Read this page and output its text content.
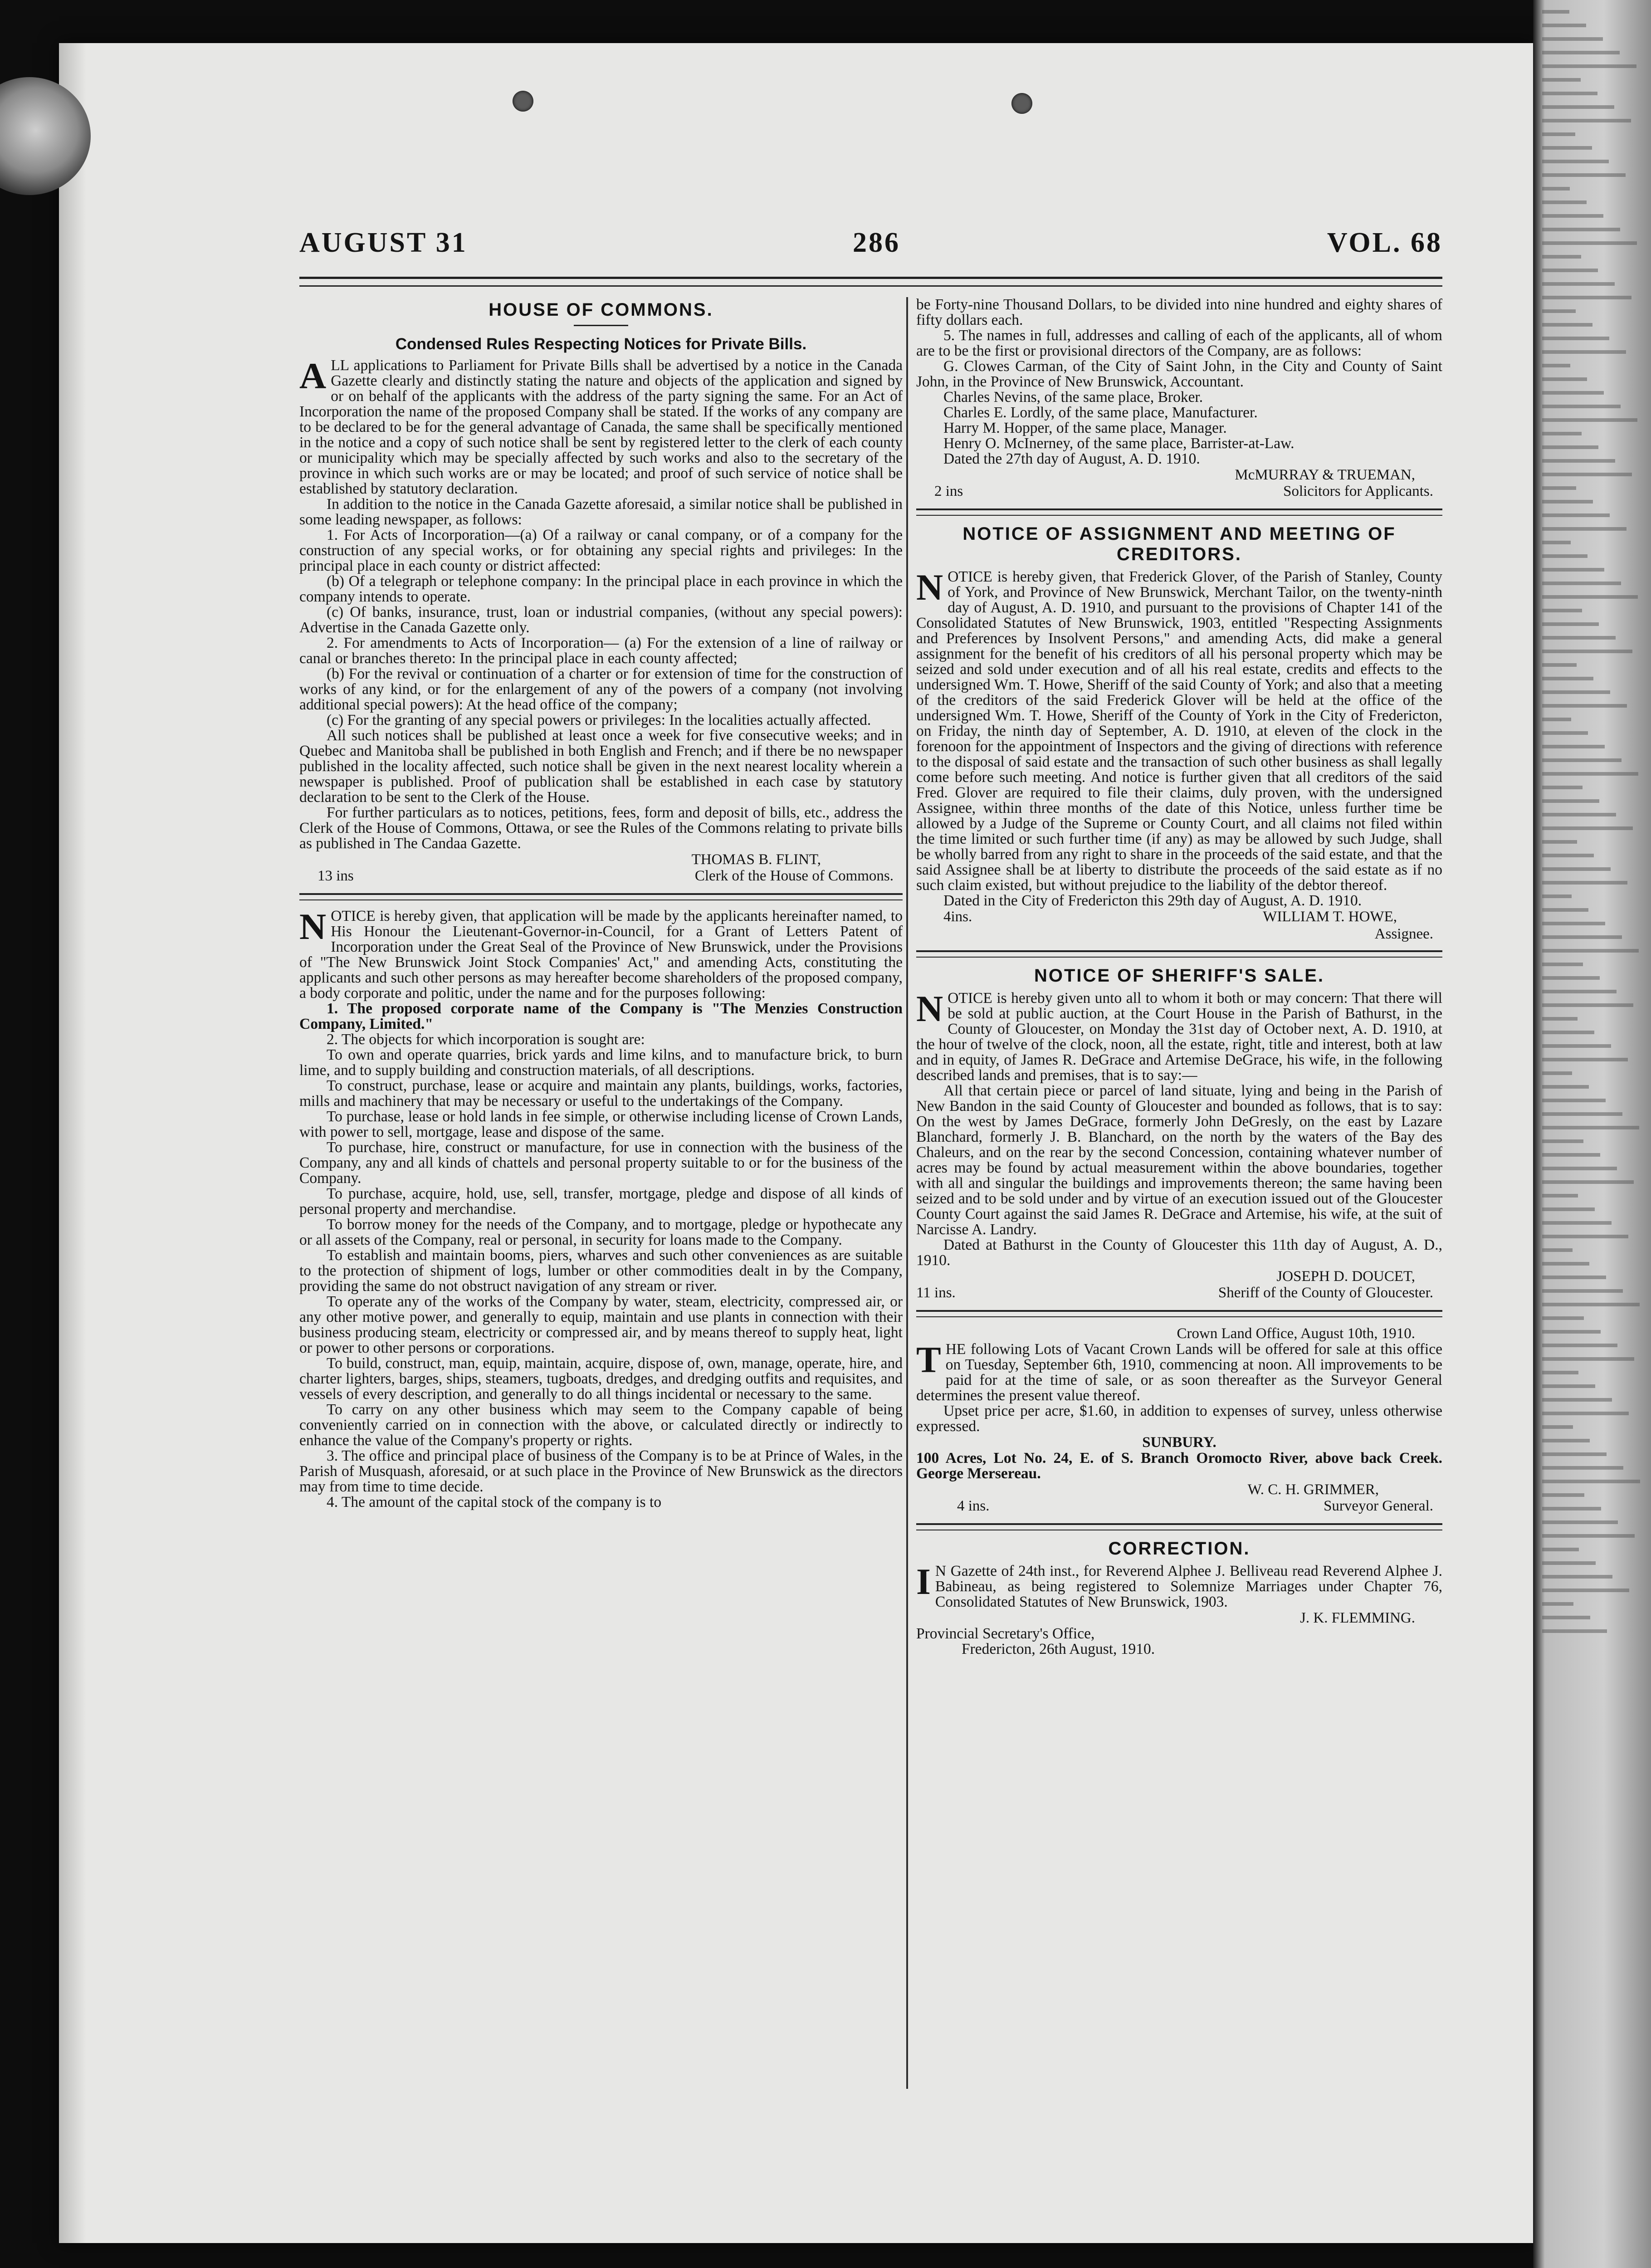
AUGUST 31	286	VOL. 68
HOUSE OF COMMONS.
Condensed Rules Respecting Notices for Private Bills.
A LL applications to Parliament for Private Bills shall be advertised by a notice in the Canada Gazette clearly and distinctly stating the nature and objects of the application and signed by or on behalf of the applicants with the address of the party signing the same. For an Act of Incorporation the name of the proposed Company shall be stated. If the works of any company are to be declared to be for the general advantage of Canada, the same shall be specifically mentioned in the notice and a copy of such notice shall be sent by registered letter to the clerk of each county or municipality which may be specially affected by such works and also to the secretary of the province in which such works are or may be located; and proof of such service of notice shall be established by statutory declaration.

In addition to the notice in the Canada Gazette aforesaid, a similar notice shall be published in some leading newspaper, as follows:

1. For Acts of Incorporation—(a) Of a railway or canal company, or of a company for the construction of any special works, or for obtaining any special rights and privileges: In the principal place in each county or district affected:

(b) Of a telegraph or telephone company: In the principal place in each province in which the company intends to operate.

(c) Of banks, insurance, trust, loan or industrial companies, (without any special powers): Advertise in the Canada Gazette only.

2. For amendments to Acts of Incorporation— (a) For the extension of a line of railway or canal or branches thereto: In the principal place in each county affected;

(b) For the revival or continuation of a charter or for extension of time for the construction of works of any kind, or for the enlargement of any of the powers of a company (not involving additional special powers): At the head office of the company;

(c) For the granting of any special powers or privileges: In the localities actually affected.

All such notices shall be published at least once a week for five consecutive weeks; and in Quebec and Manitoba shall be published in both English and French; and if there be no newspaper published in the locality affected, such notice shall be given in the next nearest locality wherein a newspaper is published. Proof of publication shall be established in each case by statutory declaration to be sent to the Clerk of the House.

For further particulars as to notices, petitions, fees, form and deposit of bills, etc., address the Clerk of the House of Commons, Ottawa, or see the Rules of the Commons relating to private bills as published in The Candaa Gazette.

THOMAS B. FLINT,
13 ins	Clerk of the House of Commons.
N OTICE is hereby given, that application will be made by the applicants hereinafter named, to His Honour the Lieutenant-Governor-in-Council, for a Grant of Letters Patent of Incorporation under the Great Seal of the Province of New Brunswick, under the Provisions of "The New Brunswick Joint Stock Companies' Act," and amending Acts, constituting the applicants and such other persons as may hereafter become shareholders of the proposed company, a body corporate and politic, under the name and for the purposes following:

1. The proposed corporate name of the Company is "The Menzies Construction Company, Limited."

2. The objects for which incorporation is sought are:

To own and operate quarries, brick yards and lime kilns, and to manufacture brick, to burn lime, and to supply building and construction materials, of all descriptions.

To construct, purchase, lease or acquire and maintain any plants, buildings, works, factories, mills and machinery that may be necessary or useful to the undertakings of the Company.

To purchase, lease or hold lands in fee simple, or otherwise including license of Crown Lands, with power to sell, mortgage, lease and dispose of the same.

To purchase, hire, construct or manufacture, for use in connection with the business of the Company, any and all kinds of chattels and personal property suitable to or for the business of the Company.

To purchase, acquire, hold, use, sell, transfer, mortgage, pledge and dispose of all kinds of personal property and merchandise.

To borrow money for the needs of the Company, and to mortgage, pledge or hypothecate any or all assets of the Company, real or personal, in security for loans made to the Company.

To establish and maintain booms, piers, wharves and such other conveniences as are suitable to the protection of shipment of logs, lumber or other commodities dealt in by the Company, providing the same do not obstruct navigation of any stream or river.

To operate any of the works of the Company by water, steam, electricity, compressed air, or any other motive power, and generally to equip, maintain and use plants in connection with their business producing steam, electricity or compressed air, and by means thereof to supply heat, light or power to other persons or corporations.

To build, construct, man, equip, maintain, acquire, dispose of, own, manage, operate, hire, and charter lighters, barges, ships, steamers, tugboats, dredges, and dredging outfits and requisites, and vessels of every description, and generally to do all things incidental or necessary to the same.

To carry on any other business which may seem to the Company capable of being conveniently carried on in connection with the above, or calculated directly or indirectly to enhance the value of the Company's property or rights.

3. The office and principal place of business of the Company is to be at Prince of Wales, in the Parish of Musquash, aforesaid, or at such place in the Province of New Brunswick as the directors may from time to time decide.

4. The amount of the capital stock of the company is to

be Forty-nine Thousand Dollars, to be divided into nine hundred and eighty shares of fifty dollars each.

5. The names in full, addresses and calling of each of the applicants, all of whom are to be the first or provisional directors of the Company, are as follows:

G. Clowes Carman, of the City of Saint John, in the City and County of Saint John, in the Province of New Brunswick, Accountant.

Charles Nevins, of the same place, Broker.

Charles E. Lordly, of the same place, Manufacturer.

Harry M. Hopper, of the same place, Manager.

Henry O. McInerney, of the same place, Barrister-at-Law.

Dated the 27th day of August, A. D. 1910.

McMURRAY & TRUEMAN,
2 ins	Solicitors for Applicants.
NOTICE OF ASSIGNMENT AND MEETING OF CREDITORS.
N OTICE is hereby given, that Frederick Glover, of the Parish of Stanley, County of York, and Province of New Brunswick, Merchant Tailor, on the twenty-ninth day of August, A. D. 1910, and pursuant to the provisions of Chapter 141 of the Consolidated Statutes of New Brunswick, 1903, entitled "Respecting Assignments and Preferences by Insolvent Persons," and amending Acts, did make a general assignment for the benefit of his creditors of all his personal property which may be seized and sold under execution and of all his real estate, credits and effects to the undersigned Wm. T. Howe, Sheriff of the said County of York; and also that a meeting of the creditors of the said Frederick Glover will be held at the office of the undersigned Wm. T. Howe, Sheriff of the County of York in the City of Fredericton, on Friday, the ninth day of September, A. D. 1910, at eleven of the clock in the forenoon for the appointment of Inspectors and the giving of directions with reference to the disposal of said estate and the transaction of such other business as shall legally come before such meeting. And notice is further given that all creditors of the said Fred. Glover are required to file their claims, duly proven, with the undersigned Assignee, within three months of the date of this Notice, unless further time be allowed by a Judge of the Supreme or County Court, and all claims not filed within the time limited or such further time (if any) as may be allowed by such Judge, shall be wholly barred from any right to share in the proceeds of the said estate, and that the said Assignee shall be at liberty to distribute the proceeds of the said estate as if no such claim existed, but without prejudice to the liability of the debtor thereof.

Dated in the City of Fredericton this 29th day of August, A. D. 1910.

4ins.	WILLIAM T. HOWE,
Assignee.
NOTICE OF SHERIFF'S SALE.
N OTICE is hereby given unto all to whom it both or may concern: That there will be sold at public auction, at the Court House in the Parish of Bathurst, in the County of Gloucester, on Monday the 31st day of October next, A. D. 1910, at the hour of twelve of the clock, noon, all the estate, right, title and interest, both at law and in equity, of James R. DeGrace and Artemise DeGrace, his wife, in the following described lands and premises, that is to say:—

All that certain piece or parcel of land situate, lying and being in the Parish of New Bandon in the said County of Gloucester and bounded as follows, that is to say: On the west by James DeGrace, formerly John DeGresly, on the east by Lazare Blanchard, formerly J. B. Blanchard, on the north by the waters of the Bay des Chaleurs, and on the rear by the second Concession, containing whatever number of acres may be found by actual measurement within the above boundaries, together with all and singular the buildings and improvements thereon; the same having been seized and to be sold under and by virtue of an execution issued out of the Gloucester County Court against the said James R. DeGrace and Artemise, his wife, at the suit of Narcisse A. Landry.

Dated at Bathurst in the County of Gloucester this 11th day of August, A. D., 1910.

JOSEPH D. DOUCET,
11 ins.	Sheriff of the County of Gloucester.
Crown Land Office, August 10th, 1910.
T HE following Lots of Vacant Crown Lands will be offered for sale at this office on Tuesday, September 6th, 1910, commencing at noon. All improvements to be paid for at the time of sale, or as soon thereafter as the Surveyor General determines the present value thereof.

Upset price per acre, $1.60, in addition to expenses of survey, unless otherwise expressed.

SUNBURY.

100 Acres, Lot No. 24, E. of S. Branch Oromocto River, above back Creek. George Mersereau.

W. C. H. GRIMMER,
4 ins.	Surveyor General.
CORRECTION.
I N Gazette of 24th inst., for Reverend Alphee J. Belliveau read Reverend Alphee J. Babineau, as being registered to Solemnize Marriages under Chapter 76, Consolidated Statutes of New Brunswick, 1903.

J. K. FLEMMING.
Provincial Secretary's Office,
Fredericton, 26th August, 1910.
